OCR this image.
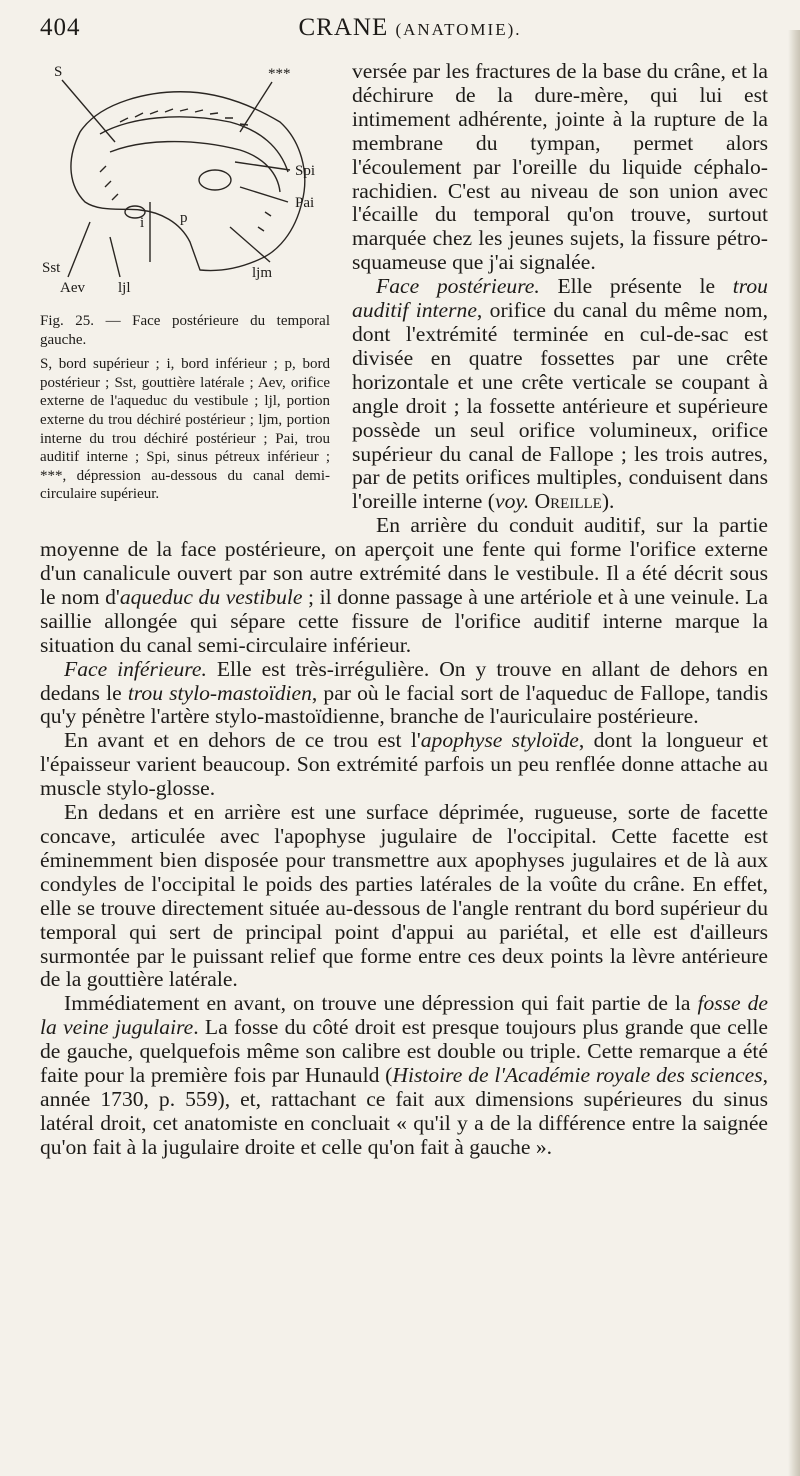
404	CRANE (ANATOMIE).

S	***
Spi
Pai
Sst
Aev
i p
ljl
ljm

Fig. 25. — Face postérieure du temporal gauche.

S, bord supérieur ; i, bord inférieur ; p, bord postérieur ; Sst, gouttière latérale ; Aev, orifice externe de l'aqueduc du vestibule ; ljl, portion externe du trou déchiré postérieur ; ljm, portion interne du trou déchiré postérieur ; Pai, trou auditif interne ; Spi, sinus pétreux inférieur ; ***, dépression au-dessous du canal demi-circulaire supérieur.

versée par les fractures de la base du crâne, et la déchirure de la dure-mère, qui lui est intimement adhérente, jointe à la rupture de la membrane du tympan, permet alors l'écoulement par l'oreille du liquide céphalo-rachidien. C'est au niveau de son union avec l'écaille du temporal qu'on trouve, surtout marquée chez les jeunes sujets, la fissure pétro-squameuse que j'ai signalée.

Face postérieure. Elle présente le trou auditif interne, orifice du canal du même nom, dont l'extrémité terminée en cul-de-sac est divisée en quatre fossettes par une crête horizontale et une crête verticale se coupant à angle droit ; la fossette antérieure et supérieure possède un seul orifice volumineux, orifice supérieur du canal de Fallope ; les trois autres, par de petits orifices multiples, conduisent dans l'oreille interne (voy. Oreille).

En arrière du conduit auditif, sur la partie moyenne de la face postérieure, on aperçoit une fente qui forme l'orifice externe d'un canalicule ouvert par son autre extrémité dans le vestibule. Il a été décrit sous le nom d'aqueduc du vestibule ; il donne passage à une artériole et à une veinule. La saillie allongée qui sépare cette fissure de l'orifice auditif interne marque la situation du canal semi-circulaire inférieur.

Face inférieure. Elle est très-irrégulière. On y trouve en allant de dehors en dedans le trou stylo-mastoïdien, par où le facial sort de l'aqueduc de Fallope, tandis qu'y pénètre l'artère stylo-mastoïdienne, branche de l'auriculaire postérieure.

En avant et en dehors de ce trou est l'apophyse styloïde, dont la longueur et l'épaisseur varient beaucoup. Son extrémité parfois un peu renflée donne attache au muscle stylo-glosse.

En dedans et en arrière est une surface déprimée, rugueuse, sorte de facette concave, articulée avec l'apophyse jugulaire de l'occipital. Cette facette est éminemment bien disposée pour transmettre aux apophyses jugulaires et de là aux condyles de l'occipital le poids des parties latérales de la voûte du crâne. En effet, elle se trouve directement située au-dessous de l'angle rentrant du bord supérieur du temporal qui sert de principal point d'appui au pariétal, et elle est d'ailleurs surmontée par le puissant relief que forme entre ces deux points la lèvre antérieure de la gouttière latérale.

Immédiatement en avant, on trouve une dépression qui fait partie de la fosse de la veine jugulaire. La fosse du côté droit est presque toujours plus grande que celle de gauche, quelquefois même son calibre est double ou triple. Cette remarque a été faite pour la première fois par Hunauld (Histoire de l'Académie royale des sciences, année 1730, p. 559), et, rattachant ce fait aux dimensions supérieures du sinus latéral droit, cet anatomiste en concluait « qu'il y a de la différence entre la saignée qu'on fait à la jugulaire droite et celle qu'on fait à gauche ».
